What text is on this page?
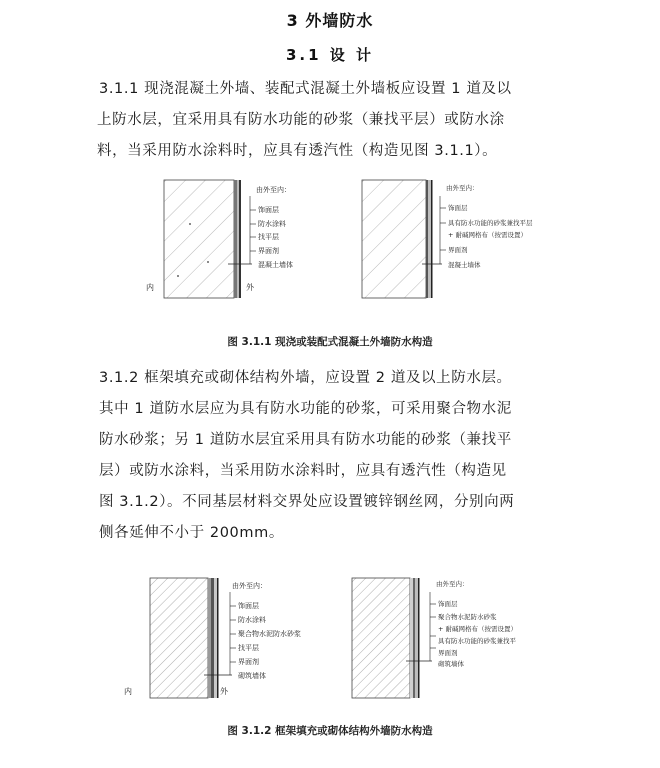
3 外墙防水
3.1 设 计
3.1.1 现浇混凝土外墙、装配式混凝土外墙板应设置 1 道及以
上防水层，宜采用具有防水功能的砂浆（兼找平层）或防水涂
料，当采用防水涂料时，应具有透汽性（构造见图 3.1.1）。
由外至内：
饰面层
防水涂料
找平层
界面剂
混凝土墙体
内	外
由外至内：
饰面层
具有防水功能的砂浆兼找平层
+ 耐碱网格布（按需设置）
界面剂
混凝土墙体
图 3.1.1 现浇或装配式混凝土外墙防水构造
3.1.2 框架填充或砌体结构外墙，应设置 2 道及以上防水层。
其中 1 道防水层应为具有防水功能的砂浆，可采用聚合物水泥
防水砂浆；另 1 道防水层宜采用具有防水功能的砂浆（兼找平
层）或防水涂料，当采用防水涂料时，应具有透汽性（构造见
图 3.1.2）。不同基层材料交界处应设置镀锌钢丝网，分别向两
侧各延伸不小于 200mm。
由外至内：
饰面层
防水涂料
聚合物水泥防水砂浆
找平层
界面剂
砌筑墙体
内	外
由外至内：
饰面层
聚合物水泥防水砂浆
+ 耐碱网格布（按需设置）
具有防水功能的砂浆兼找平
界面剂
砌筑墙体
图 3.1.2 框架填充或砌体结构外墙防水构造
